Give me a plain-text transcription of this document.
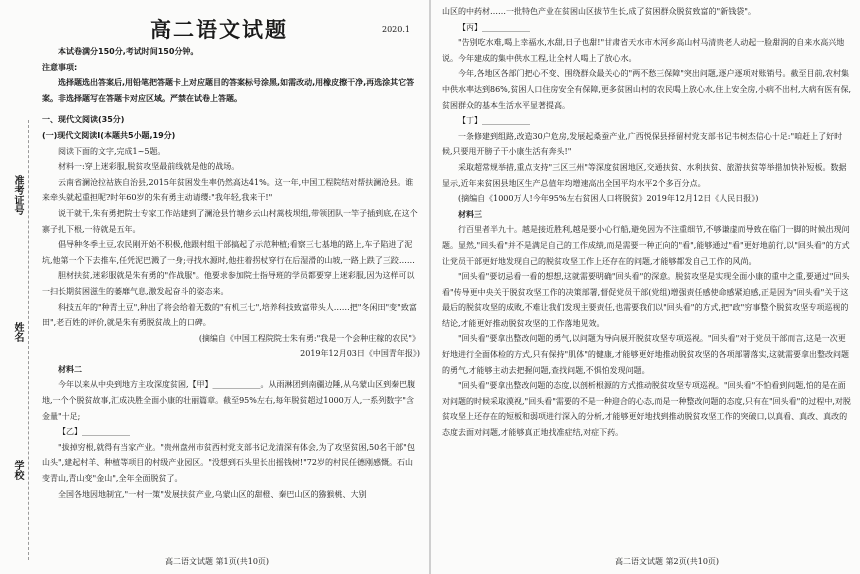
准考证号
姓名
学校
高二语文试题	2020.1

本试卷满分150分,考试时间150分钟。

注意事项:

选择题选出答案后,用铅笔把答题卡上对应题目的答案标号涂黑,如需改动,用橡皮擦干净,再选涂其它答案。非选择题写在答题卡对应区域。严禁在试卷上答题。

一、现代文阅读(35分)

(一)现代文阅读Ⅰ(本题共5小题,19分)

阅读下面的文字,完成1~5题。

材料一:穿上迷彩服,脱贫攻坚最前线就是他的战场。

云南省澜沧拉祜族自治县,2015年贫困发生率仍然高达41%。这一年,中国工程院结对帮扶澜沧县。谁来牵头就起重担呢?时年60岁的朱有勇主动请缨:"我年轻,我来干!"

说干就干,朱有勇把院士专家工作站建到了澜沧县竹塘乡云山村蒿枝坝组,带领团队一竿子插到底,在这个寨子扎下根,一待就是五年。

倡导种冬季土豆,农民刚开始不积极,他跟村组干部搞起了示范种植;看察三七基地的路上,车子陷进了泥坑,他第一个下去推车,任凭泥巴溅了一身;寻找水源时,他拄着拐杖穿行在后湿滑的山坡,一路上跌了三跤……

胆材扶贫,迷彩服就是朱有勇的"作战服"。他要求参加院士指导班的学员都要穿上迷彩服,因为这样可以一扫长期贫困滋生的萎靡气息,激发起奋斗的姿态来。

科技五年的"种青土豆",种出了将会给着无数的"有机三七",培养科技致富带头人……把"冬闲田"变"致富田",老百姓的评价,就是朱有勇脱贫战上的口碑。

(摘编自《中国工程院院士朱有勇:"我是一个会种庄稼的农民"》

2019年12月03日《中国青年报》)

材料二

今年以来从中央到地方主攻深度贫困,【甲】____________。从雨淋团到南疆边陲,从乌蒙山区到秦巴腹地,一个个脱贫故事,汇成决胜全面小康的壮丽篇章。截至95%左右,每年脱贫超过1000万人,一系列数字"含金量"十足;

【乙】____________

"拔掉穷根,就得有当家产业。"贵州盘州市贫西村党支部书记龙清深有体会,为了攻坚贫困,50名干部"包山头",建起村羊、种植等项目的村级产业园区。"没想到石头里长出摇钱树!"72岁的村民任德刚感慨。石山变青山,青山变"金山",全年全面脱贫了。

全国各地因地制宜,"一村一策"发展扶贫产业,乌蒙山区的甜橙、秦巴山区的猕猴桃、大别

高二语文试题 第1页(共10页)

山区的中药材……一批特色产业在贫困山区拔节生长,成了贫困群众脱贫致富的"新钱袋"。

【丙】____________

"告别吃水难,喝上幸福水,水甜,日子也甜!"甘肃省天水市木河乡高山村马清贵老人动起一脸甜润的自来水高兴地说。今年建成的集中供水工程,让全村人喝上了放心水。

今年,各地区各部门把心不变、围绕群众最关心的"两不愁三保障"突出问题,逐户逐项对账销号。截至目前,农村集中供水率达到86%,贫困人口住房安全有保障,更多贫困山村的农民喝上放心水,住上安全房,小病不出村,大病有医有保,贫困群众的基本生活水平显著提高。

【丁】____________

一条修建到组路,改造30户危房,发展起桑蚕产业,广西悦保县择留村党支部书记韦树杰信心十足:"咱赶上了好时候,只要甩开膀子干小康生活有奔头!"

采取超常规举措,重点支持"三区三州"等深度贫困地区,交通扶贫、水利扶贫、旅游扶贫等举措加快补短板。数据显示,近年来贫困县地区生产总值年均增速高出全国平均水平2个多百分点。

(摘编自《1000万人!今年95%左右贫困人口将脱贫》2019年12月12日《人民日报》)

材料三

行百里者半九十。越是接近胜利,越是要小心行船,避免因为不注重细节,不够谦虚而导致在临门一脚的时候出现问题。显然,"回头看"并不是满足自己的工作成绩,而是需要一种正向的"看",能够通过"看"更好地前行,以"回头看"的方式让党员干部更好地发现自己的脱贫攻坚工作上还存在的问题,才能够都发自己工作的风尚。

"回头看"要切忌看一看的想想,这就需要明确"回头看"的深意。脱贫攻坚是实现全面小康的重中之重,要通过"回头看"传导更中央关于脱贫攻坚工作的决策部署,督促党员干部(党组)增强责任感使命感紧迫感,正是因为"回头看"关于这最后的脱贫攻坚的成败,不难让我们发现主要责任,也需要我们以"回头看"的方式,把"政"穷事整个脱贫攻坚专项巡视的结论,才能更好推动脱贫攻坚的工作落地见效。

"回头看"要拿出整改问题的勇气,以问题为导向展开脱贫攻坚专项巡视。"回头看"对于党员干部而言,这是一次更好地进行全面体检的方式,只有保持"肌体"的健康,才能够更好地推动脱贫攻坚的各项部署落实,这就需要拿出整改问题的勇气,才能够主动去把握问题,查找问题,不惧怕发现问题。

"回头看"要拿出整改问题的态度,以剖析根源的方式推动脱贫攻坚专项巡视。"回头看"不怕看到问题,怕的是在面对问题的时候采取漠视,"回头看"需要的不是一种迎合的心态,而是一种整改问题的态度,只有在"回头看"的过程中,对脱贫攻坚上还存在的短板和弱项进行深入的分析,才能够更好地找到推动脱贫攻坚工作的突破口,以真看、真改、真改的态度去面对问题,才能够真正地找准症结,对症下药。

高二语文试题 第2页(共10页)
